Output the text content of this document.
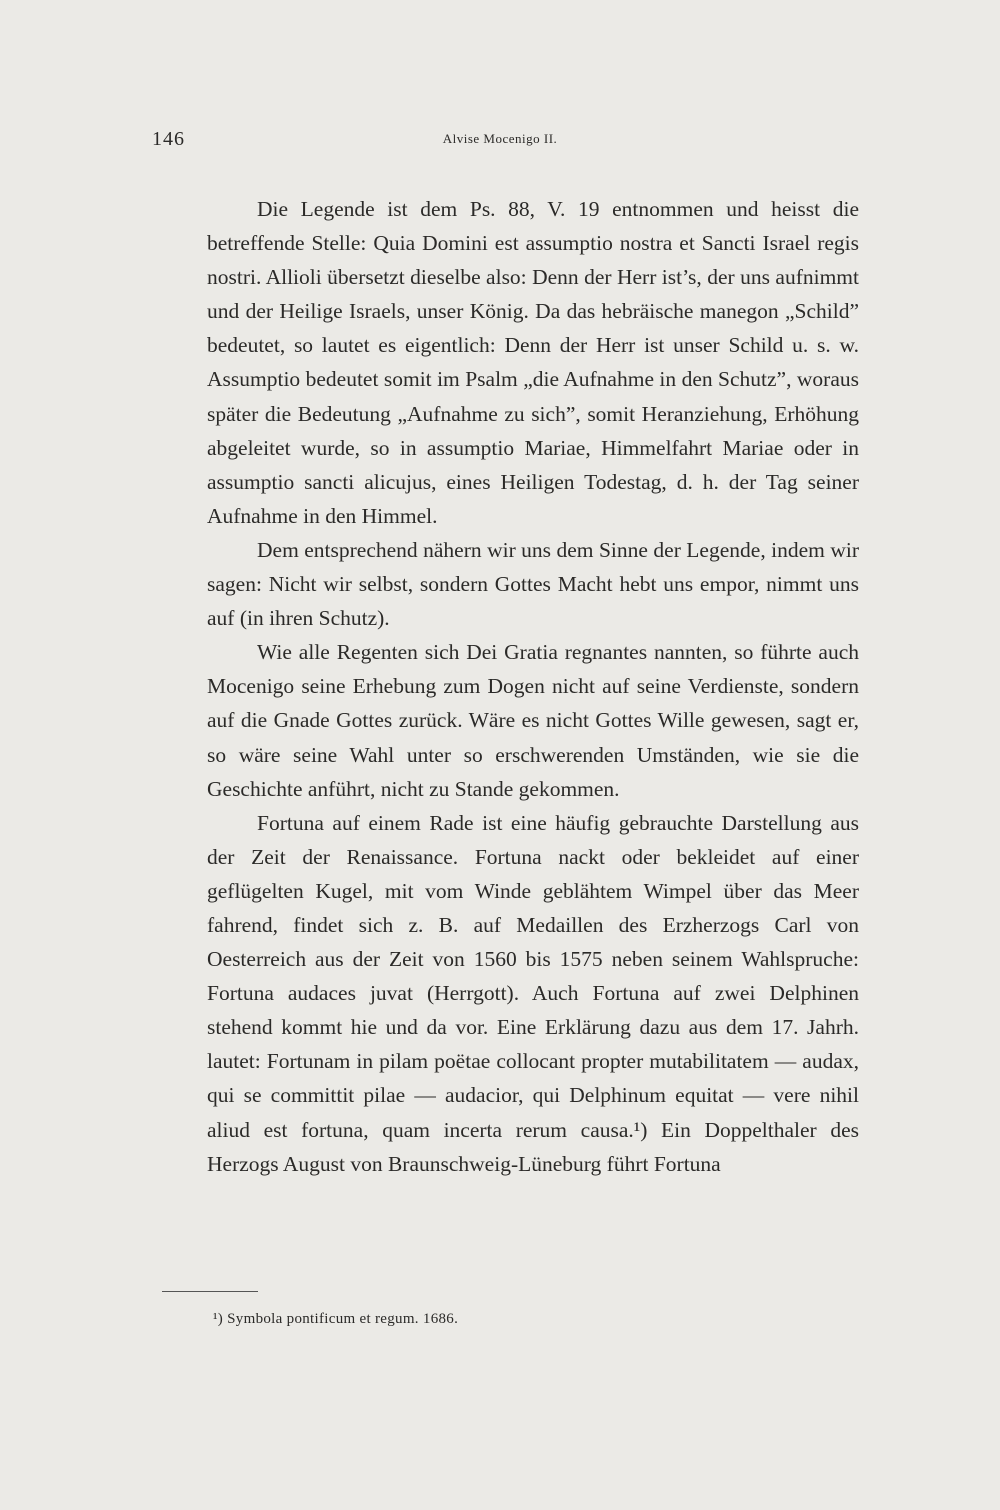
146	Alvise Mocenigo II.

Die Legende ist dem Ps. 88, V. 19 entnommen und heisst die betreffende Stelle: Quia Domini est assumptio nostra et Sancti Israel regis nostri. Allioli übersetzt dieselbe also: Denn der Herr ist’s, der uns aufnimmt und der Heilige Israels, unser König. Da das hebräische manegon „Schild” bedeutet, so lautet es eigentlich: Denn der Herr ist unser Schild u. s. w. Assumptio bedeutet somit im Psalm „die Aufnahme in den Schutz”, woraus später die Bedeutung „Aufnahme zu sich”, somit Heranziehung, Erhöhung abgeleitet wurde, so in assumptio Mariae, Himmelfahrt Mariae oder in assumptio sancti alicujus, eines Heiligen Todestag, d. h. der Tag seiner Aufnahme in den Himmel.

Dem entsprechend nähern wir uns dem Sinne der Legende, indem wir sagen: Nicht wir selbst, sondern Gottes Macht hebt uns empor, nimmt uns auf (in ihren Schutz).

Wie alle Regenten sich Dei Gratia regnantes nannten, so führte auch Mocenigo seine Erhebung zum Dogen nicht auf seine Verdienste, sondern auf die Gnade Gottes zurück. Wäre es nicht Gottes Wille gewesen, sagt er, so wäre seine Wahl unter so erschwerenden Umständen, wie sie die Geschichte anführt, nicht zu Stande gekommen.

Fortuna auf einem Rade ist eine häufig gebrauchte Darstellung aus der Zeit der Renaissance. Fortuna nackt oder bekleidet auf einer geflügelten Kugel, mit vom Winde geblähtem Wimpel über das Meer fahrend, findet sich z. B. auf Medaillen des Erzherzogs Carl von Oesterreich aus der Zeit von 1560 bis 1575 neben seinem Wahlspruche: Fortuna audaces juvat (Herrgott). Auch Fortuna auf zwei Delphinen stehend kommt hie und da vor. Eine Erklärung dazu aus dem 17. Jahrh. lautet: Fortunam in pilam poëtae collocant propter mutabilitatem — audax, qui se committit pilae — audacior, qui Delphinum equitat — vere nihil aliud est fortuna, quam incerta rerum causa.¹) Ein Doppelthaler des Herzogs August von Braunschweig-Lüneburg führt Fortuna

¹) Symbola pontificum et regum. 1686.
